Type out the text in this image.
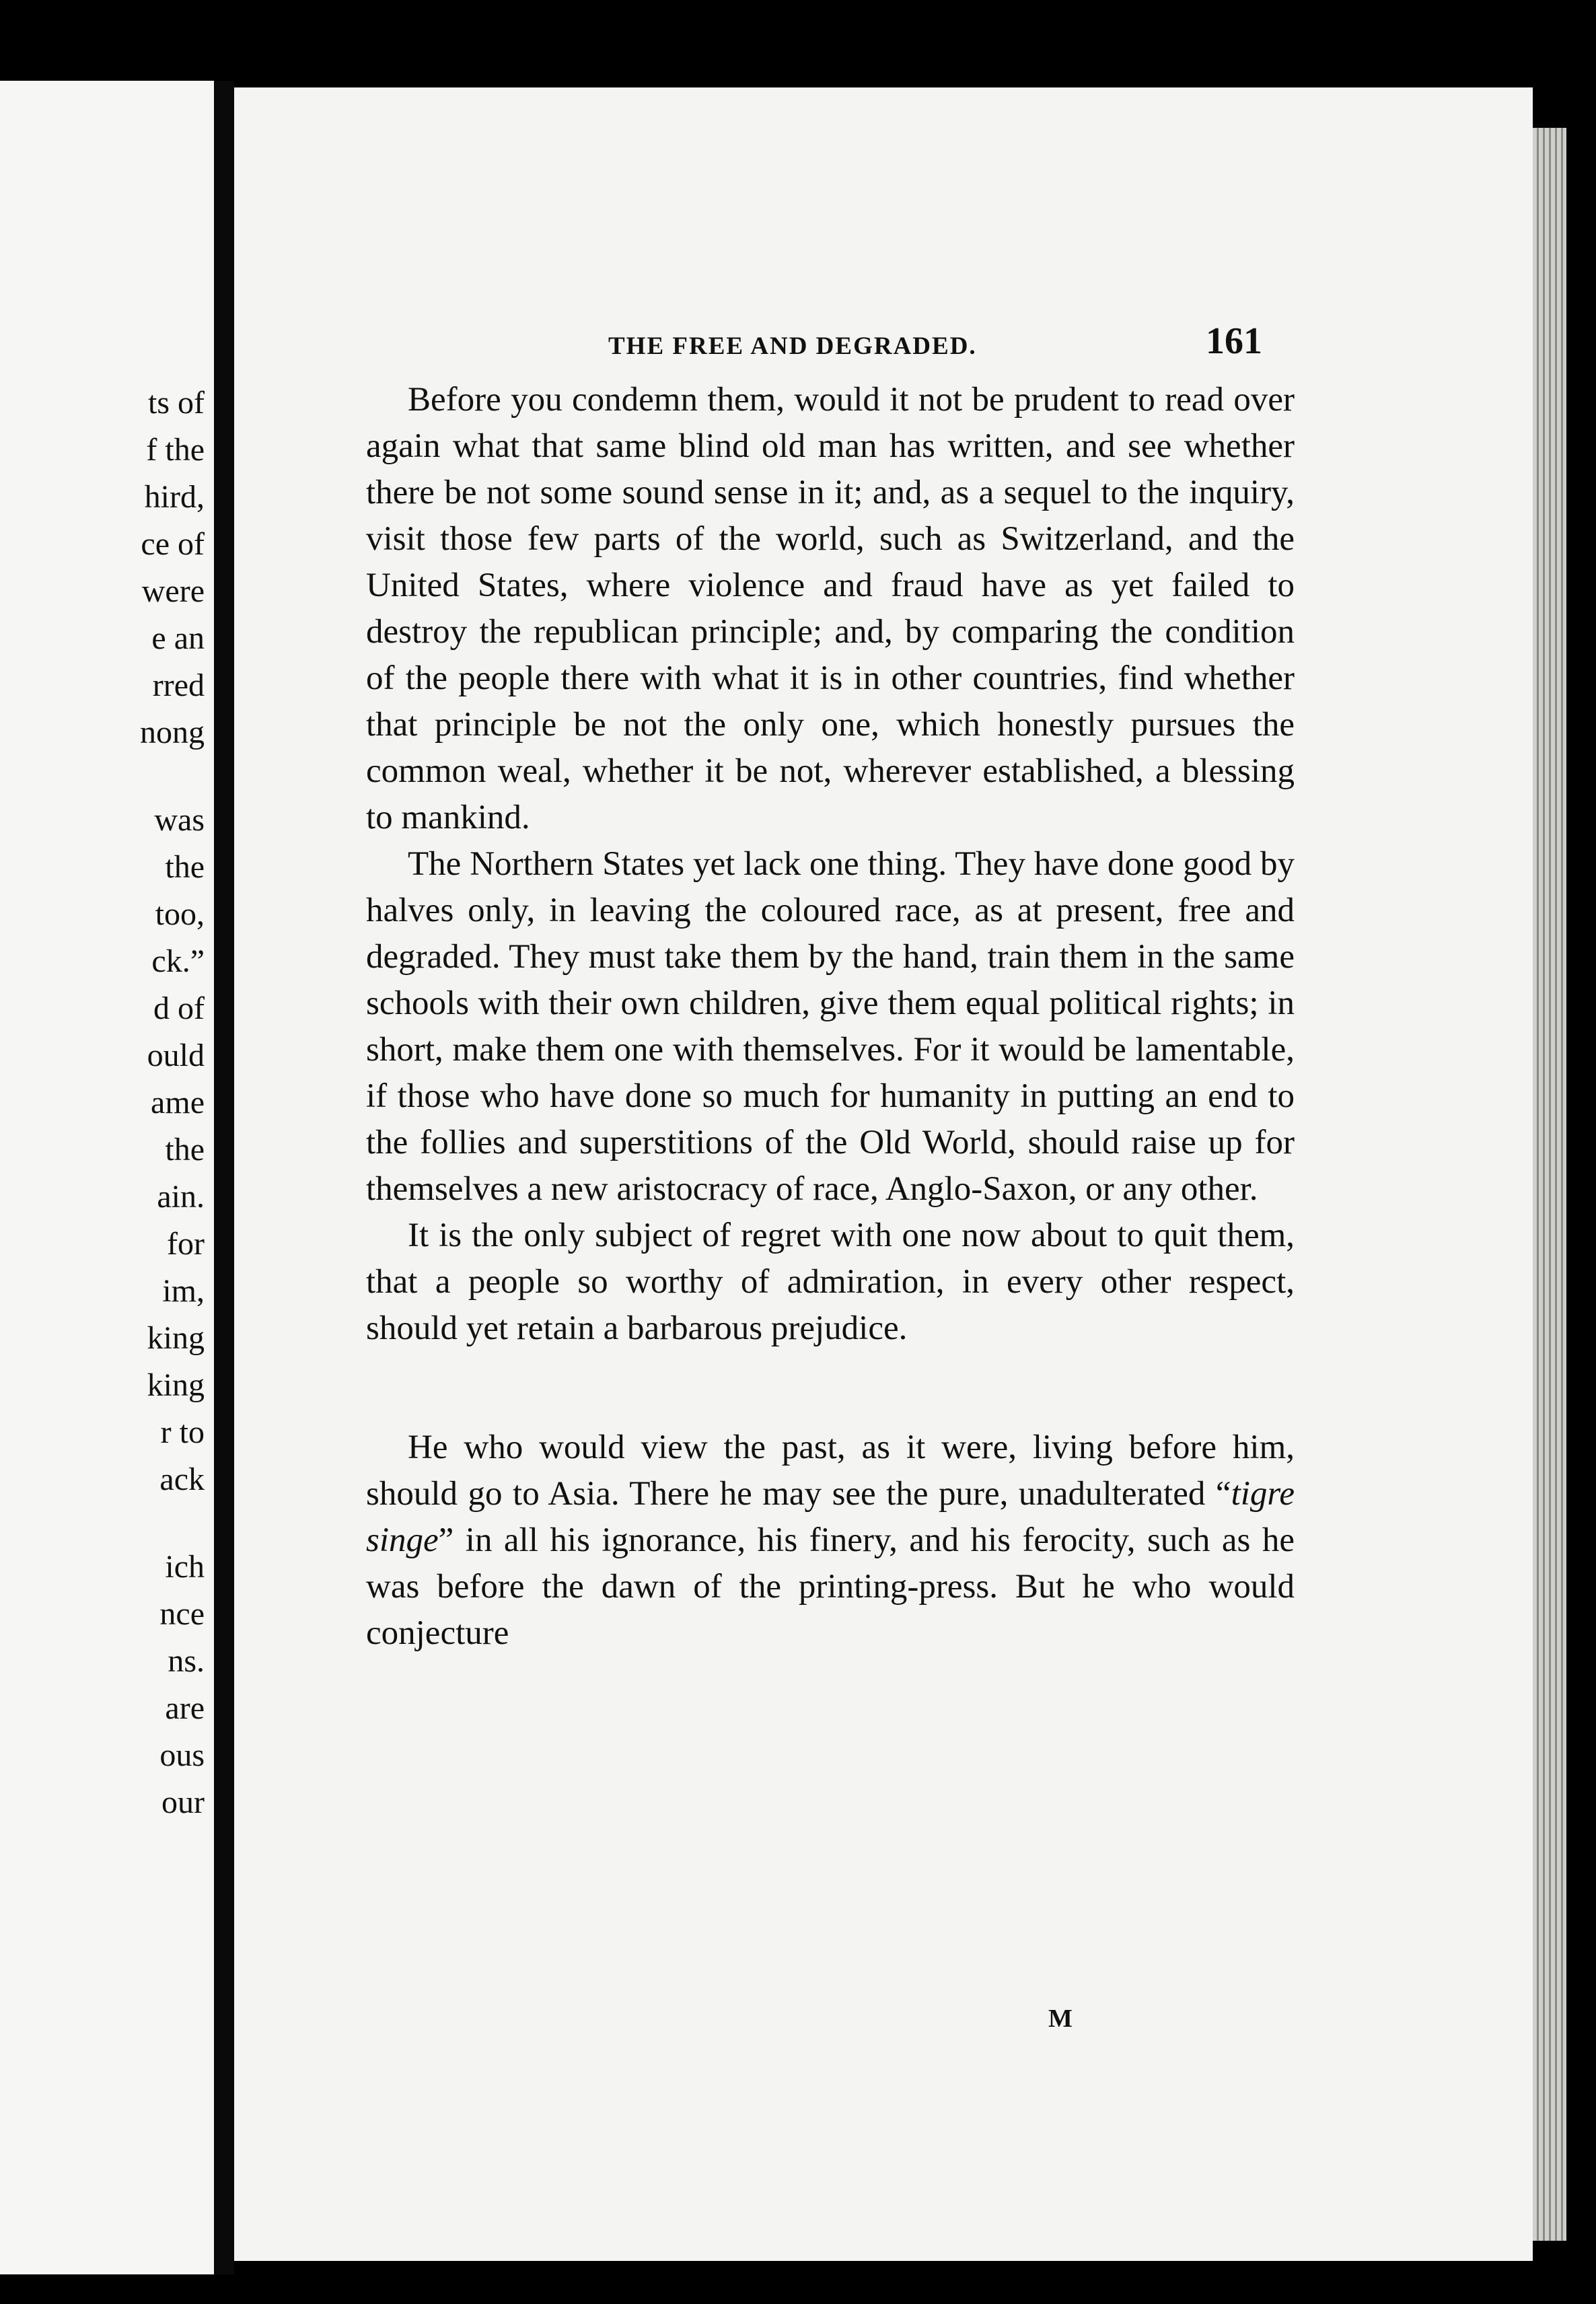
ts of
f the
hird,
ce of
were
e an
rred
nong
was
the
too,
ck.”
d of
ould
ame
the
ain.
for
im,
king
king
r to
ack
ich
nce
ns.
are
ous
our
THE FREE AND DEGRADED.	161

Before you condemn them, would it not be prudent to read over again what that same blind old man has written, and see whether there be not some sound sense in it; and, as a sequel to the inquiry, visit those few parts of the world, such as Switzerland, and the United States, where violence and fraud have as yet failed to destroy the republican principle; and, by comparing the condition of the people there with what it is in other countries, find whether that principle be not the only one, which honestly pursues the common weal, whether it be not, wherever established, a blessing to mankind.

The Northern States yet lack one thing. They have done good by halves only, in leaving the coloured race, as at present, free and degraded. They must take them by the hand, train them in the same schools with their own children, give them equal political rights; in short, make them one with themselves. For it would be lamentable, if those who have done so much for humanity in putting an end to the follies and superstitions of the Old World, should raise up for themselves a new aristocracy of race, Anglo-Saxon, or any other.

It is the only subject of regret with one now about to quit them, that a people so worthy of admiration, in every other respect, should yet retain a barbarous prejudice.

He who would view the past, as it were, living before him, should go to Asia. There he may see the pure, unadulterated “tigre singe” in all his ignorance, his finery, and his ferocity, such as he was before the dawn of the printing-press. But he who would conjecture

M
